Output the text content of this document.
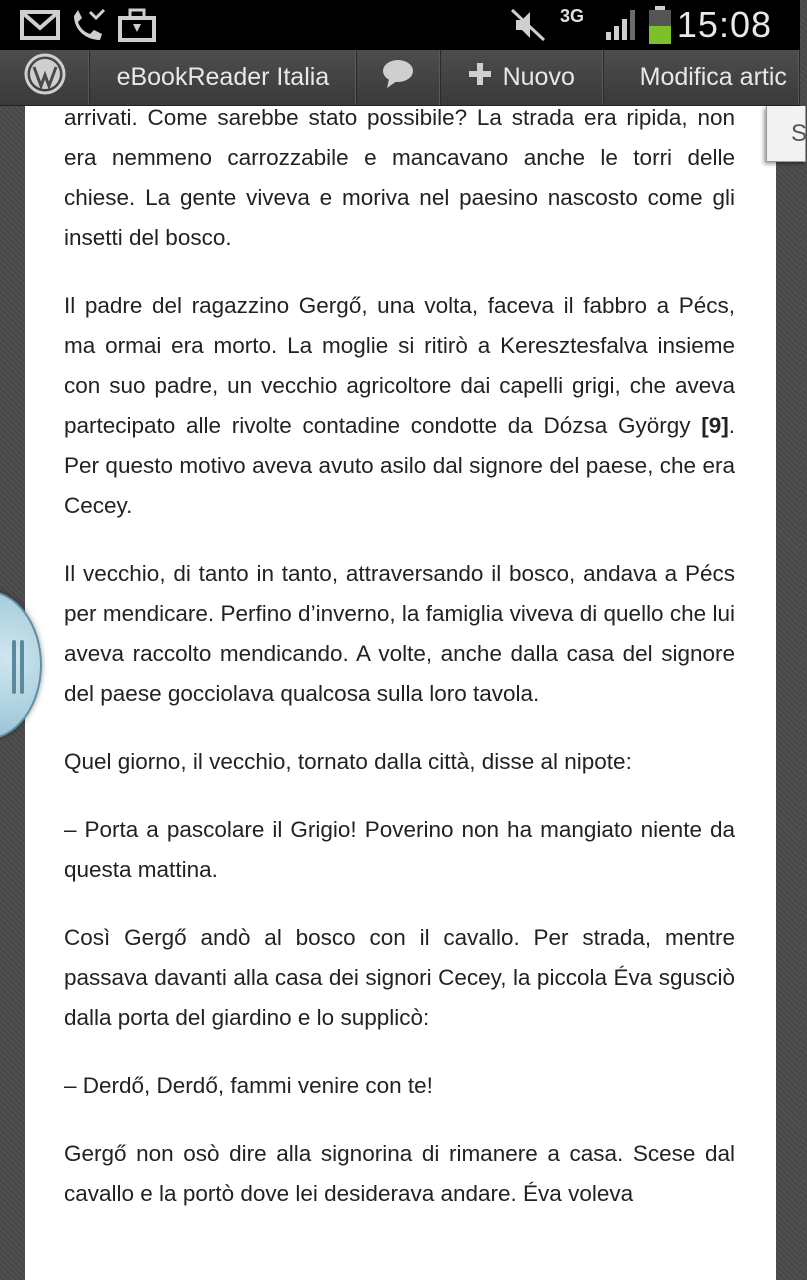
3G	15:08
eBookReader Italia	Nuovo	Modifica artic
S

arrivati. Come sarebbe stato possibile? La strada era ripida, non era nemmeno carrozzabile e mancavano anche le torri delle chiese. La gente viveva e moriva nel paesino nascosto come gli insetti del bosco.

Il padre del ragazzino Gergő, una volta, faceva il fabbro a Pécs, ma ormai era morto. La moglie si ritirò a Keresztesfalva insieme con suo padre, un vecchio agricoltore dai capelli grigi, che aveva partecipato alle rivolte contadine condotte da Dózsa György [9]. Per questo motivo aveva avuto asilo dal signore del paese, che era Cecey.

Il vecchio, di tanto in tanto, attraversando il bosco, andava a Pécs per mendicare. Perfino d’inverno, la famiglia viveva di quello che lui aveva raccolto mendicando. A volte, anche dalla casa del signore del paese gocciolava qualcosa sulla loro tavola.

Quel giorno, il vecchio, tornato dalla città, disse al nipote:

– Porta a pascolare il Grigio! Poverino non ha mangiato niente da questa mattina.

Così Gergő andò al bosco con il cavallo. Per strada, mentre passava davanti alla casa dei signori Cecey, la piccola Éva sgusciò dalla porta del giardino e lo supplicò:

– Derdő, Derdő, fammi venire con te!

Gergő non osò dire alla signorina di rimanere a casa. Scese dal cavallo e la portò dove lei desiderava andare. Éva voleva
